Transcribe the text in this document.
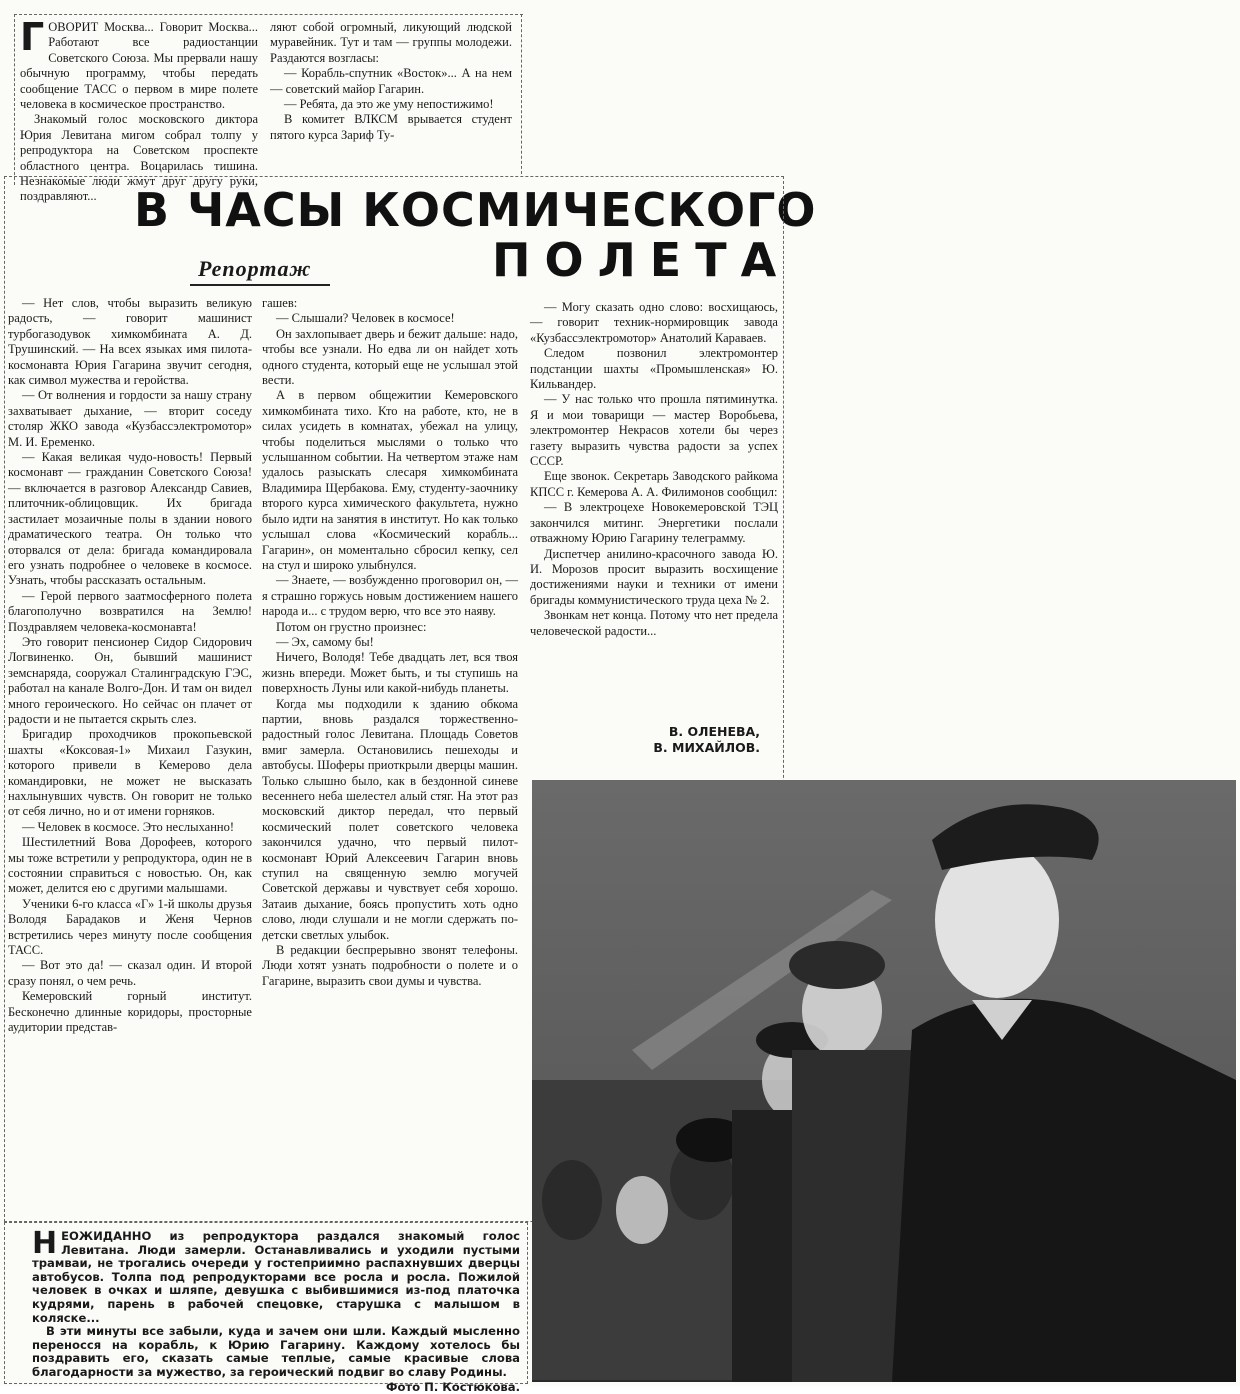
Г ОВОРИТ Москва... Говорит Москва... Работают все радиостанции Советского Союза. Мы прервали нашу обычную программу, чтобы передать сообщение ТАСС о первом в мире полете человека в космическое пространство.

Знакомый голос московского диктора Юрия Левитана мигом собрал толпу у репродуктора на Советском проспекте областного центра. Воцарилась тишина. Незнакомые люди жмут друг другу руки, поздравляют...

ляют собой огромный, ликующий людской муравейник. Тут и там — группы молодежи. Раздаются возгласы:

— Корабль-спутник «Восток»... А на нем — советский майор Гагарин.

— Ребята, да это же уму непостижимо!

В комитет ВЛКСМ врывается студент пятого курса Зариф Ту-

В ЧАСЫ КОСМИЧЕСКОГО
ПОЛЕТА
Репортаж

— Нет слов, чтобы выразить великую радость, — говорит машинист турбогазодувок химкомбината А. Д. Трушинский. — На всех языках имя пилота-космонавта Юрия Гагарина звучит сегодня, как символ мужества и геройства.

— От волнения и гордости за нашу страну захватывает дыхание, — вторит соседу столяр ЖКО завода «Кузбассэлектромотор» М. И. Еременко.

— Какая великая чудо-новость! Первый космонавт — гражданин Советского Союза! — включается в разговор Александр Савиев, плиточник-облицовщик. Их бригада застилает мозаичные полы в здании нового драматического театра. Он только что оторвался от дела: бригада командировала его узнать подробнее о человеке в космосе. Узнать, чтобы рассказать остальным.

— Герой первого заатмосферного полета благополучно возвратился на Землю! Поздравляем человека-космонавта!

Это говорит пенсионер Сидор Сидорович Логвиненко. Он, бывший машинист земснаряда, сооружал Сталинградскую ГЭС, работал на канале Волго-Дон. И там он видел много героического. Но сейчас он плачет от радости и не пытается скрыть слез.

Бригадир проходчиков прокопьевской шахты «Коксовая-1» Михаил Газукин, которого привели в Кемерово дела командировки, не может не высказать нахлынувших чувств. Он говорит не только от себя лично, но и от имени горняков.

— Человек в космосе. Это неслыханно!

Шестилетний Вова Дорофеев, которого мы тоже встретили у репродуктора, один не в состоянии справиться с новостью. Он, как может, делится ею с другими малышами.

Ученики 6-го класса «Г» 1-й школы друзья Володя Барадаков и Женя Чернов встретились через минуту после сообщения ТАСС.

— Вот это да! — сказал один. И второй сразу понял, о чем речь.

Кемеровский горный институт. Бесконечно длинные коридоры, просторные аудитории представ-

гашев:

— Слышали? Человек в космосе!

Он захлопывает дверь и бежит дальше: надо, чтобы все узнали. Но едва ли он найдет хоть одного студента, который еще не услышал этой вести.

А в первом общежитии Кемеровского химкомбината тихо. Кто на работе, кто, не в силах усидеть в комнатах, убежал на улицу, чтобы поделиться мыслями о только что услышанном событии. На четвертом этаже нам удалось разыскать слесаря химкомбината Владимира Щербакова. Ему, студенту-заочнику второго курса химического факультета, нужно было идти на занятия в институт. Но как только услышал слова «Космический корабль... Гагарин», он моментально сбросил кепку, сел на стул и широко улыбнулся.

— Знаете, — возбужденно проговорил он, — я страшно горжусь новым достижением нашего народа и... с трудом верю, что все это наяву.

Потом он грустно произнес:

— Эх, самому бы!

Ничего, Володя! Тебе двадцать лет, вся твоя жизнь впереди. Может быть, и ты ступишь на поверхность Луны или какой-нибудь планеты.

Когда мы подходили к зданию обкома партии, вновь раздался торжественно-радостный голос Левитана. Площадь Советов вмиг замерла. Остановились пешеходы и автобусы. Шоферы приоткрыли дверцы машин. Только слышно было, как в бездонной синеве весеннего неба шелестел алый стяг. На этот раз московский диктор передал, что первый космический полет советского человека закончился удачно, что первый пилот-космонавт Юрий Алексеевич Гагарин вновь ступил на священную землю могучей Советской державы и чувствует себя хорошо. Затаив дыхание, боясь пропустить хоть одно слово, люди слушали и не могли сдержать по-детски светлых улыбок.

В редакции беспрерывно звонят телефоны. Люди хотят узнать подробности о полете и о Гагарине, выразить свои думы и чувства.

— Могу сказать одно слово: восхищаюсь, — говорит техник-нормировщик завода «Кузбассэлектромотор» Анатолий Караваев.

Следом позвонил электромонтер подстанции шахты «Промышленская» Ю. Кильвандер.

— У нас только что прошла пятиминутка. Я и мои товарищи — мастер Воробьева, электромонтер Некрасов хотели бы через газету выразить чувства радости за успех СССР.

Еще звонок. Секретарь Заводского райкома КПСС г. Кемерова А. А. Филимонов сообщил:

— В электроцехе Новокемеровской ТЭЦ закончился митинг. Энергетики послали отважному Юрию Гагарину телеграмму.

Диспетчер анилино-красочного завода Ю. И. Морозов просит выразить восхищение достижениями науки и техники от имени бригады коммунистического труда цеха № 2.

Звонкам нет конца. Потому что нет предела человеческой радости...

В. ОЛЕНЕВА,
В. МИХАЙЛОВ.
Н ЕОЖИДАННО из репродуктора раздался знакомый голос Левитана. Люди замерли. Останавливались и уходили пустыми трамваи, не трогались очереди у гостеприимно распахнувших дверцы автобусов. Толпа под репродукторами все росла и росла. Пожилой человек в очках и шляпе, девушка с выбившимися из-под платочка кудрями, парень в рабочей спецовке, старушка с малышом в коляске...

В эти минуты все забыли, куда и зачем они шли. Каждый мысленно переносся на корабль, к Юрию Гагарину. Каждому хотелось бы поздравить его, сказать самые теплые, самые красивые слова благодарности за мужество, за героический подвиг во славу Родины.

Фото П. Костюкова.
